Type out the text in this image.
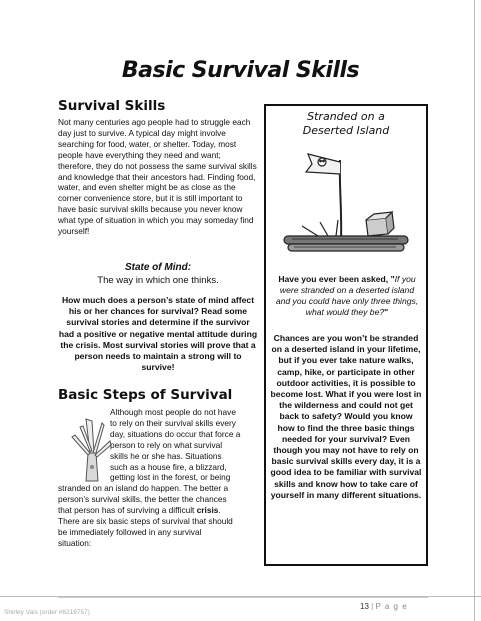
Basic Survival Skills
Survival Skills
Not many centuries ago people had to struggle each day just to survive. A typical day might involve searching for food, water, or shelter. Today, most people have everything they need and want; therefore, they do not possess the same survival skills and knowledge that their ancestors had. Finding food, water, and even shelter might be as close as the corner convenience store, but it is still important to have basic survival skills because you never know what type of situation in which you may someday find yourself!
State of Mind:
The way in which one thinks.
How much does a person’s state of mind affect his or her chances for survival? Read some survival stories and determine if the survivor had a positive or negative mental attitude during the crisis. Most survival stories will prove that a person needs to maintain a strong will to survive!
Basic Steps of Survival
Although most people do not have
to rely on their survival skills every
day, situations do occur that force a
person to rely on what survival
skills he or she has. Situations
such as a house fire, a blizzard,
getting lost in the forest, or being
stranded on an island do happen. The better a
person’s survival skills, the better the chances
that person has of surviving a difficult crisis.
There are six basic steps of survival that should
be immediately followed in any survival
situation:
Stranded on a
Deserted Island
Have you ever been asked, "If you were stranded on a deserted island and you could have only three things, what would they be?"
Chances are you won’t be stranded on a deserted island in your lifetime, but if you ever take nature walks, camp, hike, or participate in other outdoor activities, it is possible to become lost. What if you were lost in the wilderness and could not get back to safety? Would you know how to find the three basic things needed for your survival? Even though you may not have to rely on basic survival skills every day, it is a good idea to be familiar with survival skills and know how to take care of yourself in many different situations.
13 | P a g e
Shirley Vais (order #8219757)
